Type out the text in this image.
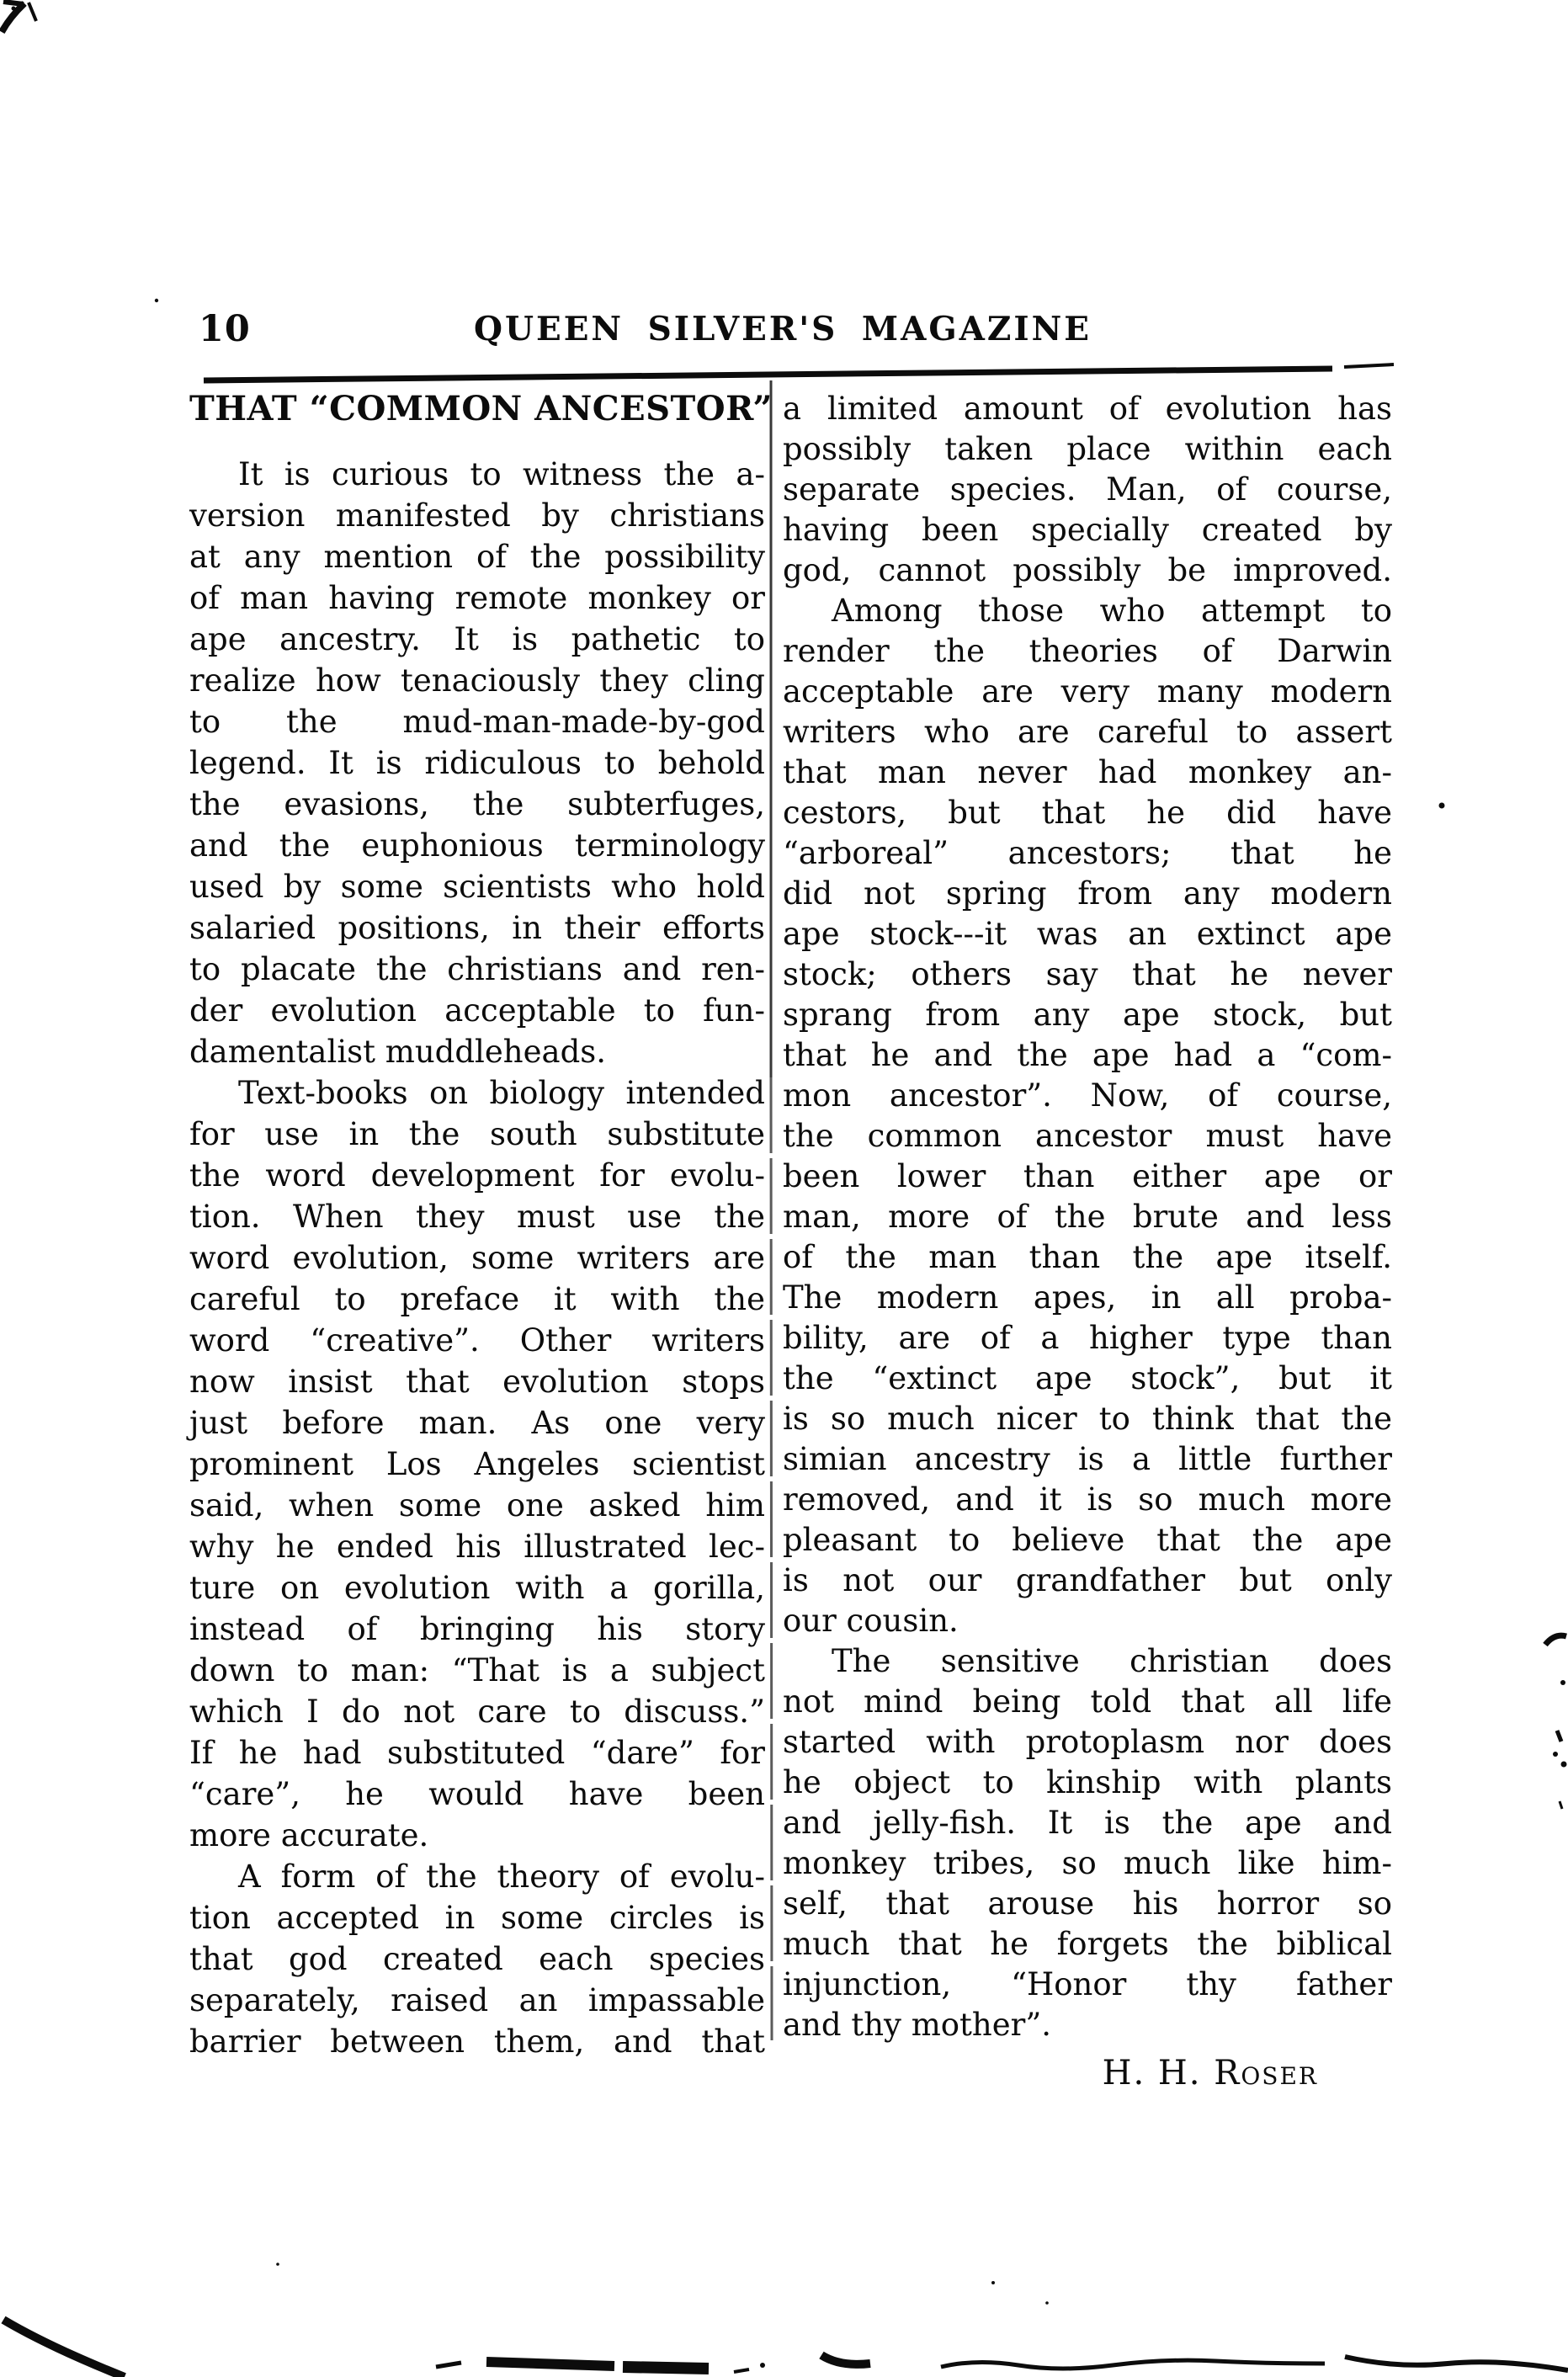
10	QUEEN SILVER'S MAGAZINE
THAT “COMMON ANCESTOR”
It is curious to witness the a-
version manifested by christians
at any mention of the possibility
of man having remote monkey or
ape ancestry. It is pathetic to
realize how tenaciously they cling
to the mud-man-made-by-god
legend. It is ridiculous to behold
the evasions, the subterfuges,
and the euphonious terminology
used by some scientists who hold
salaried positions, in their efforts
to placate the christians and ren-
der evolution acceptable to fun-
damentalist muddleheads.
Text-books on biology intended
for use in the south substitute
the word development for evolu-
tion. When they must use the
word evolution, some writers are
careful to preface it with the
word “creative”. Other writers
now insist that evolution stops
just before man. As one very
prominent Los Angeles scientist
said, when some one asked him
why he ended his illustrated lec-
ture on evolution with a gorilla,
instead of bringing his story
down to man: “That is a subject
which I do not care to discuss.”
If he had substituted “dare” for
“care”, he would have been
more accurate.
A form of the theory of evolu-
tion accepted in some circles is
that god created each species
separately, raised an impassable
barrier between them, and that
a limited amount of evolution has
possibly taken place within each
separate species. Man, of course,
having been specially created by
god, cannot possibly be improved.
Among those who attempt to
render the theories of Darwin
acceptable are very many modern
writers who are careful to assert
that man never had monkey an-
cestors, but that he did have
“arboreal” ancestors; that he
did not spring from any modern
ape stock---it was an extinct ape
stock; others say that he never
sprang from any ape stock, but
that he and the ape had a “com-
mon ancestor”. Now, of course,
the common ancestor must have
been lower than either ape or
man, more of the brute and less
of the man than the ape itself.
The modern apes, in all proba-
bility, are of a higher type than
the “extinct ape stock”, but it
is so much nicer to think that the
simian ancestry is a little further
removed, and it is so much more
pleasant to believe that the ape
is not our grandfather but only
our cousin.
The sensitive christian does
not mind being told that all life
started with protoplasm nor does
he object to kinship with plants
and jelly-fish. It is the ape and
monkey tribes, so much like him-
self, that arouse his horror so
much that he forgets the biblical
injunction, “Honor thy father
and thy mother”.
H. H. Roser
